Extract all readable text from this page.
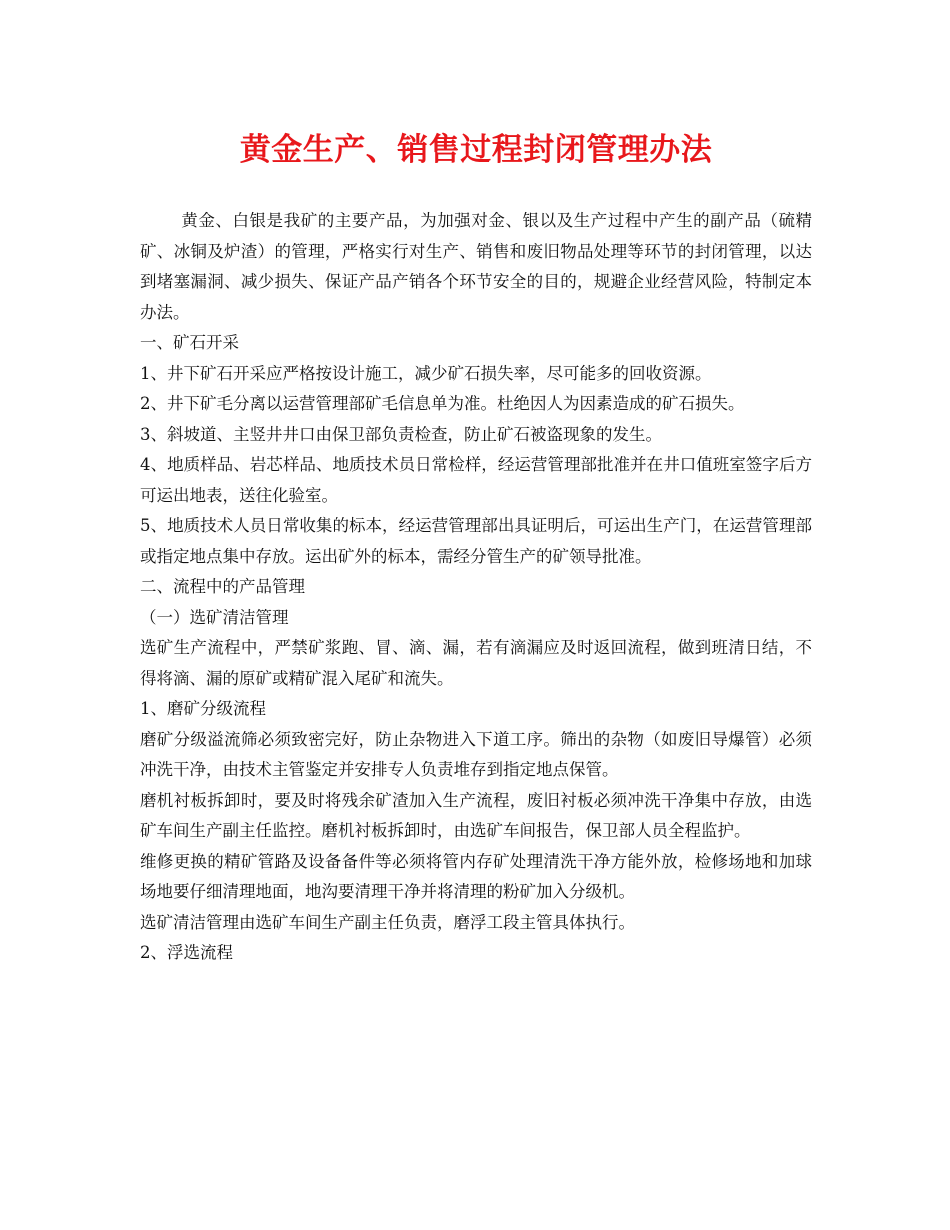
黄金生产、销售过程封闭管理办法

黄金、白银是我矿的主要产品，为加强对金、银以及生产过程中产生的副产品（硫精矿、冰铜及炉渣）的管理，严格实行对生产、销售和废旧物品处理等环节的封闭管理，以达到堵塞漏洞、减少损失、保证产品产销各个环节安全的目的，规避企业经营风险，特制定本办法。

一、矿石开采

1、井下矿石开采应严格按设计施工，减少矿石损失率，尽可能多的回收资源。

2、井下矿毛分离以运营管理部矿毛信息单为准。杜绝因人为因素造成的矿石损失。

3、斜坡道、主竖井井口由保卫部负责检查，防止矿石被盗现象的发生。

4、地质样品、岩芯样品、地质技术员日常检样，经运营管理部批准并在井口值班室签字后方可运出地表，送往化验室。

5、地质技术人员日常收集的标本，经运营管理部出具证明后，可运出生产门，在运营管理部或指定地点集中存放。运出矿外的标本，需经分管生产的矿领导批准。

二、流程中的产品管理

（一）选矿清洁管理

选矿生产流程中，严禁矿浆跑、冒、滴、漏，若有滴漏应及时返回流程，做到班清日结，不得将滴、漏的原矿或精矿混入尾矿和流失。

1、磨矿分级流程

磨矿分级溢流筛必须致密完好，防止杂物进入下道工序。筛出的杂物（如废旧导爆管）必须冲洗干净，由技术主管鉴定并安排专人负责堆存到指定地点保管。

磨机衬板拆卸时，要及时将残余矿渣加入生产流程，废旧衬板必须冲洗干净集中存放，由选矿车间生产副主任监控。磨机衬板拆卸时，由选矿车间报告，保卫部人员全程监护。

维修更换的精矿管路及设备备件等必须将管内存矿处理清洗干净方能外放，检修场地和加球场地要仔细清理地面，地沟要清理干净并将清理的粉矿加入分级机。

选矿清洁管理由选矿车间生产副主任负责，磨浮工段主管具体执行。

2、浮选流程
